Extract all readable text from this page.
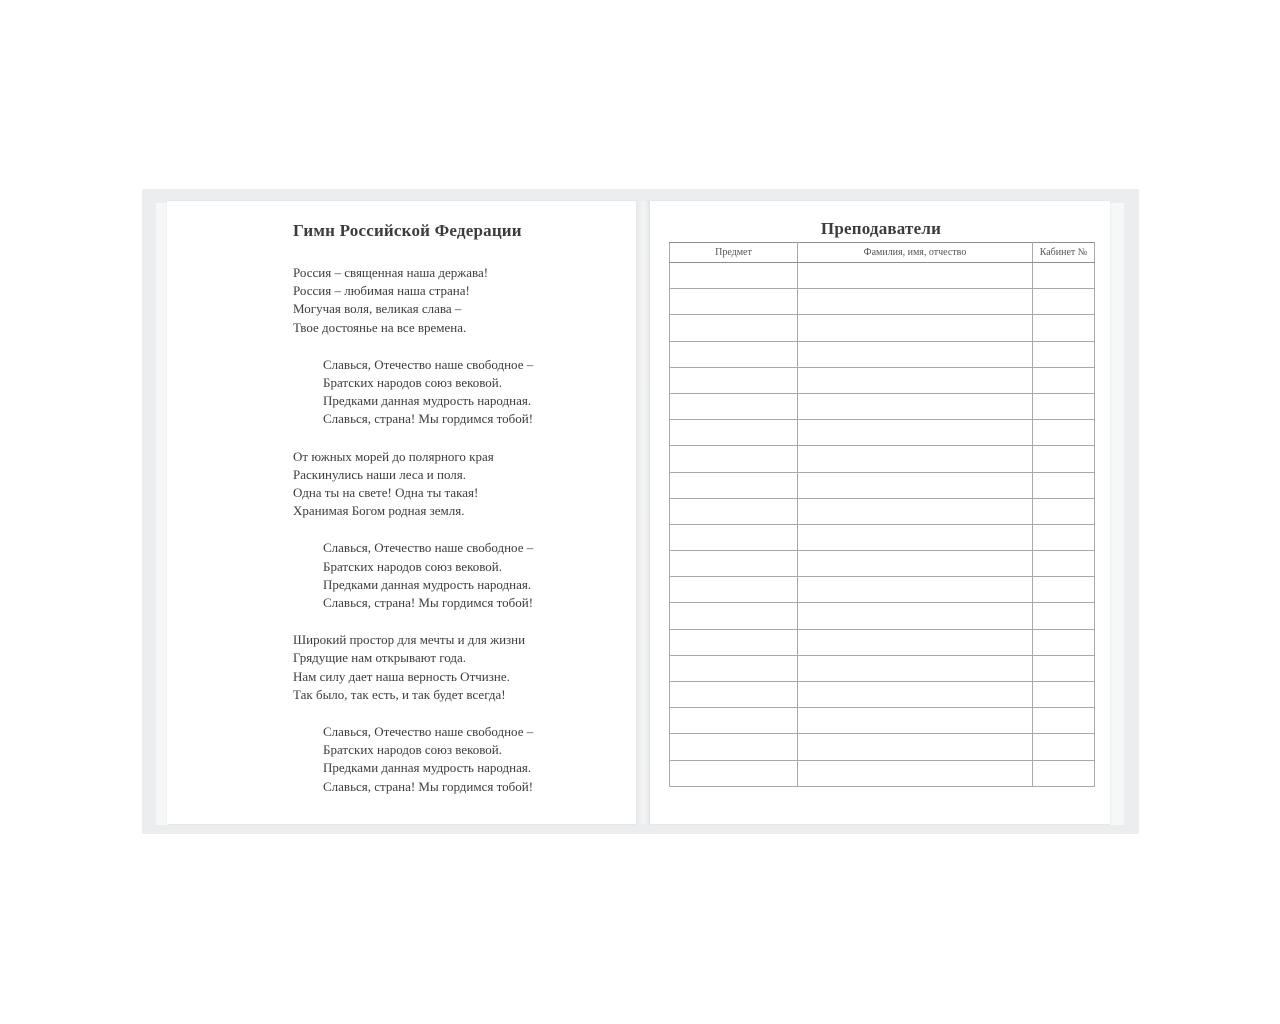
Гимн Российской Федерации

Россия – священная наша держава!
Россия – любимая наша страна!
Могучая воля, великая слава –
Твое достоянье на все времена.

Славься, Отечество наше свободное –
Братских народов союз вековой.
Предками данная мудрость народная.
Славься, страна! Мы гордимся тобой!

От южных морей до полярного края
Раскинулись наши леса и поля.
Одна ты на свете! Одна ты такая!
Хранимая Богом родная земля.

Славься, Отечество наше свободное –
Братских народов союз вековой.
Предками данная мудрость народная.
Славься, страна! Мы гордимся тобой!

Широкий простор для мечты и для жизни
Грядущие нам открывают года.
Нам силу дает наша верность Отчизне.
Так было, так есть, и так будет всегда!

Славься, Отечество наше свободное –
Братских народов союз вековой.
Предками данная мудрость народная.
Славься, страна! Мы гордимся тобой!

Преподаватели
Предмет	Фамилия, имя, отчество	Кабинет №
